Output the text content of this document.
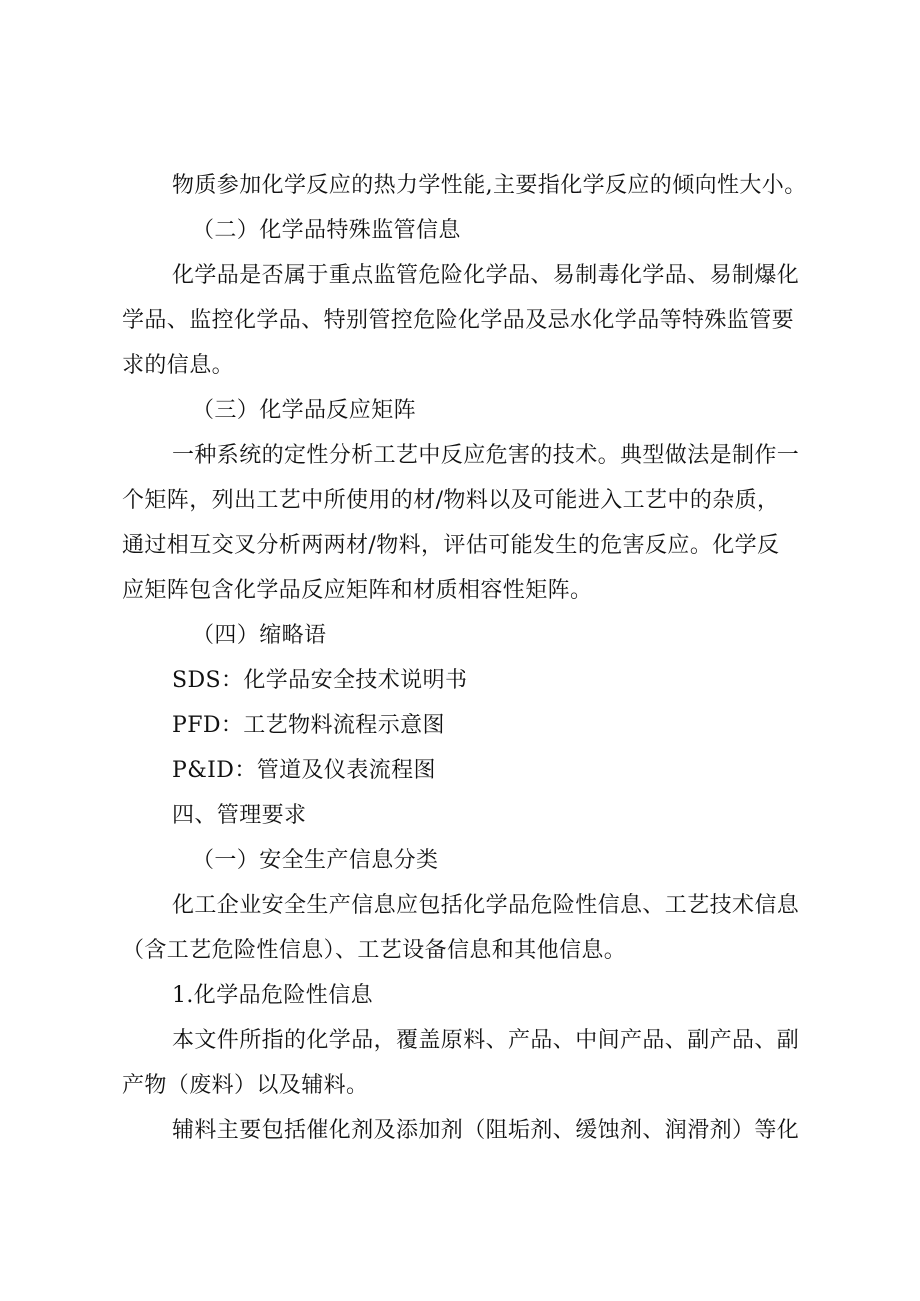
物质参加化学反应的热力学性能,主要指化学反应的倾向性大小。
（二）化学品特殊监管信息
化学品是否属于重点监管危险化学品、易制毒化学品、易制爆化
学品、监控化学品、特别管控危险化学品及忌水化学品等特殊监管要
求的信息。
（三）化学品反应矩阵
一种系统的定性分析工艺中反应危害的技术。典型做法是制作一
个矩阵，列出工艺中所使用的材/物料以及可能进入工艺中的杂质，
通过相互交叉分析两两材/物料，评估可能发生的危害反应。化学反
应矩阵包含化学品反应矩阵和材质相容性矩阵。
（四）缩略语
SDS：化学品安全技术说明书
PFD：工艺物料流程示意图
P&ID：管道及仪表流程图
四、管理要求
（一）安全生产信息分类
化工企业安全生产信息应包括化学品危险性信息、工艺技术信息
（含工艺危险性信息）、工艺设备信息和其他信息。
1.化学品危险性信息
本文件所指的化学品，覆盖原料、产品、中间产品、副产品、副
产物（废料）以及辅料。
辅料主要包括催化剂及添加剂（阻垢剂、缓蚀剂、润滑剂）等化
